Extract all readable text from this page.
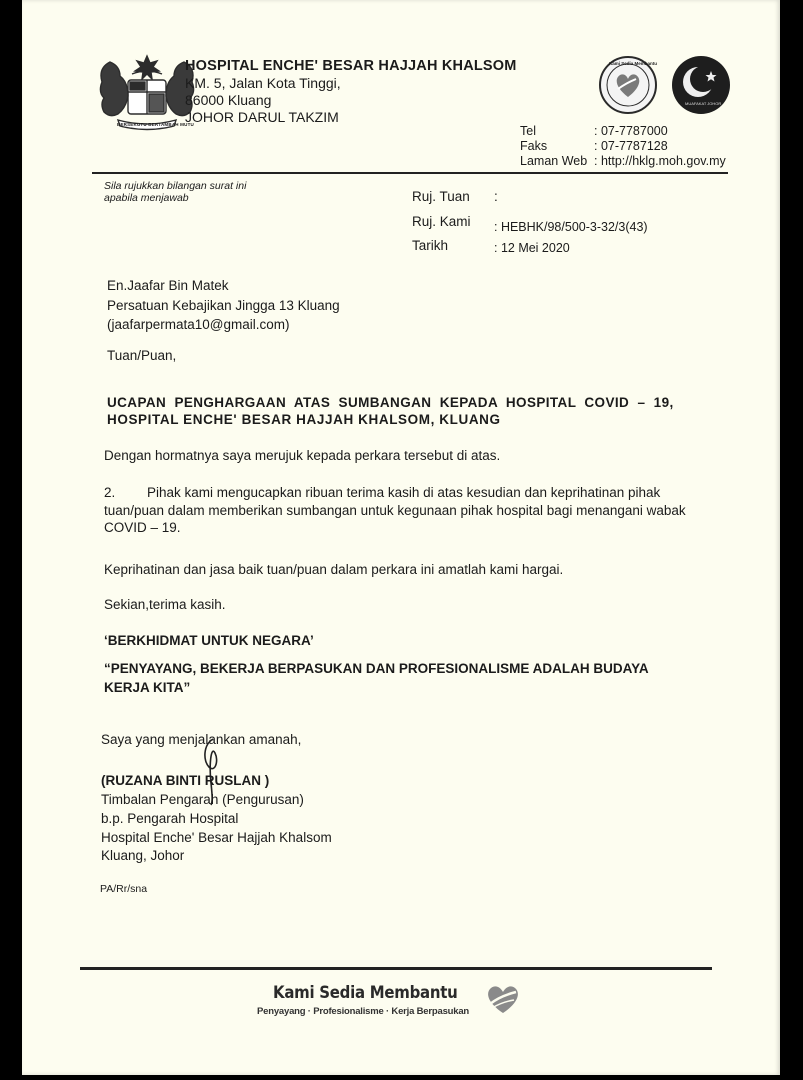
BERSEKUTU BERTAMBAH MUTU
HOSPITAL ENCHE' BESAR HAJJAH KHALSOM
KM. 5, Jalan Kota Tinggi,
86000 Kluang
JOHOR DARUL TAKZIM
Kami Sedia Membantu
MUAFAKAT JOHOR
Tel	: 07-7787000
Faks	: 07-7787128
Laman Web : http://hklg.moh.gov.my
Sila rujukkan bilangan surat ini
apabila menjawab	Ruj. Tuan :
Ruj. Kami : HEBHK/98/500-3-32/3(43)
Tarikh	: 12 Mei 2020
En.Jaafar Bin Matek
Persatuan Kebajikan Jingga 13 Kluang
(jaafarpermata10@gmail.com)
Tuan/Puan,
UCAPAN  PENGHARGAAN  ATAS  SUMBANGAN  KEPADA  HOSPITAL  COVID  –  19,
HOSPITAL ENCHE' BESAR HAJJAH KHALSOM, KLUANG
Dengan hormatnya saya merujuk kepada perkara tersebut di atas.
2. Pihak kami mengucapkan ribuan terima kasih di atas kesudian dan keprihatinan pihak
tuan/puan dalam memberikan sumbangan untuk kegunaan pihak hospital bagi menangani wabak
COVID – 19.
Keprihatinan dan jasa baik tuan/puan dalam perkara ini amatlah kami hargai.
Sekian,terima kasih.
‘BERKHIDMAT UNTUK NEGARA’
“PENYAYANG, BEKERJA BERPASUKAN DAN PROFESIONALISME ADALAH BUDAYA
KERJA KITA”
Saya yang menjalankan amanah,
(RUZANA BINTI RUSLAN )
Timbalan Pengarah (Pengurusan)
b.p. Pengarah Hospital
Hospital Enche' Besar Hajjah Khalsom
Kluang, Johor
PA/Rr/sna
Kami Sedia Membantu
Penyayang · Profesionalisme · Kerja Berpasukan
